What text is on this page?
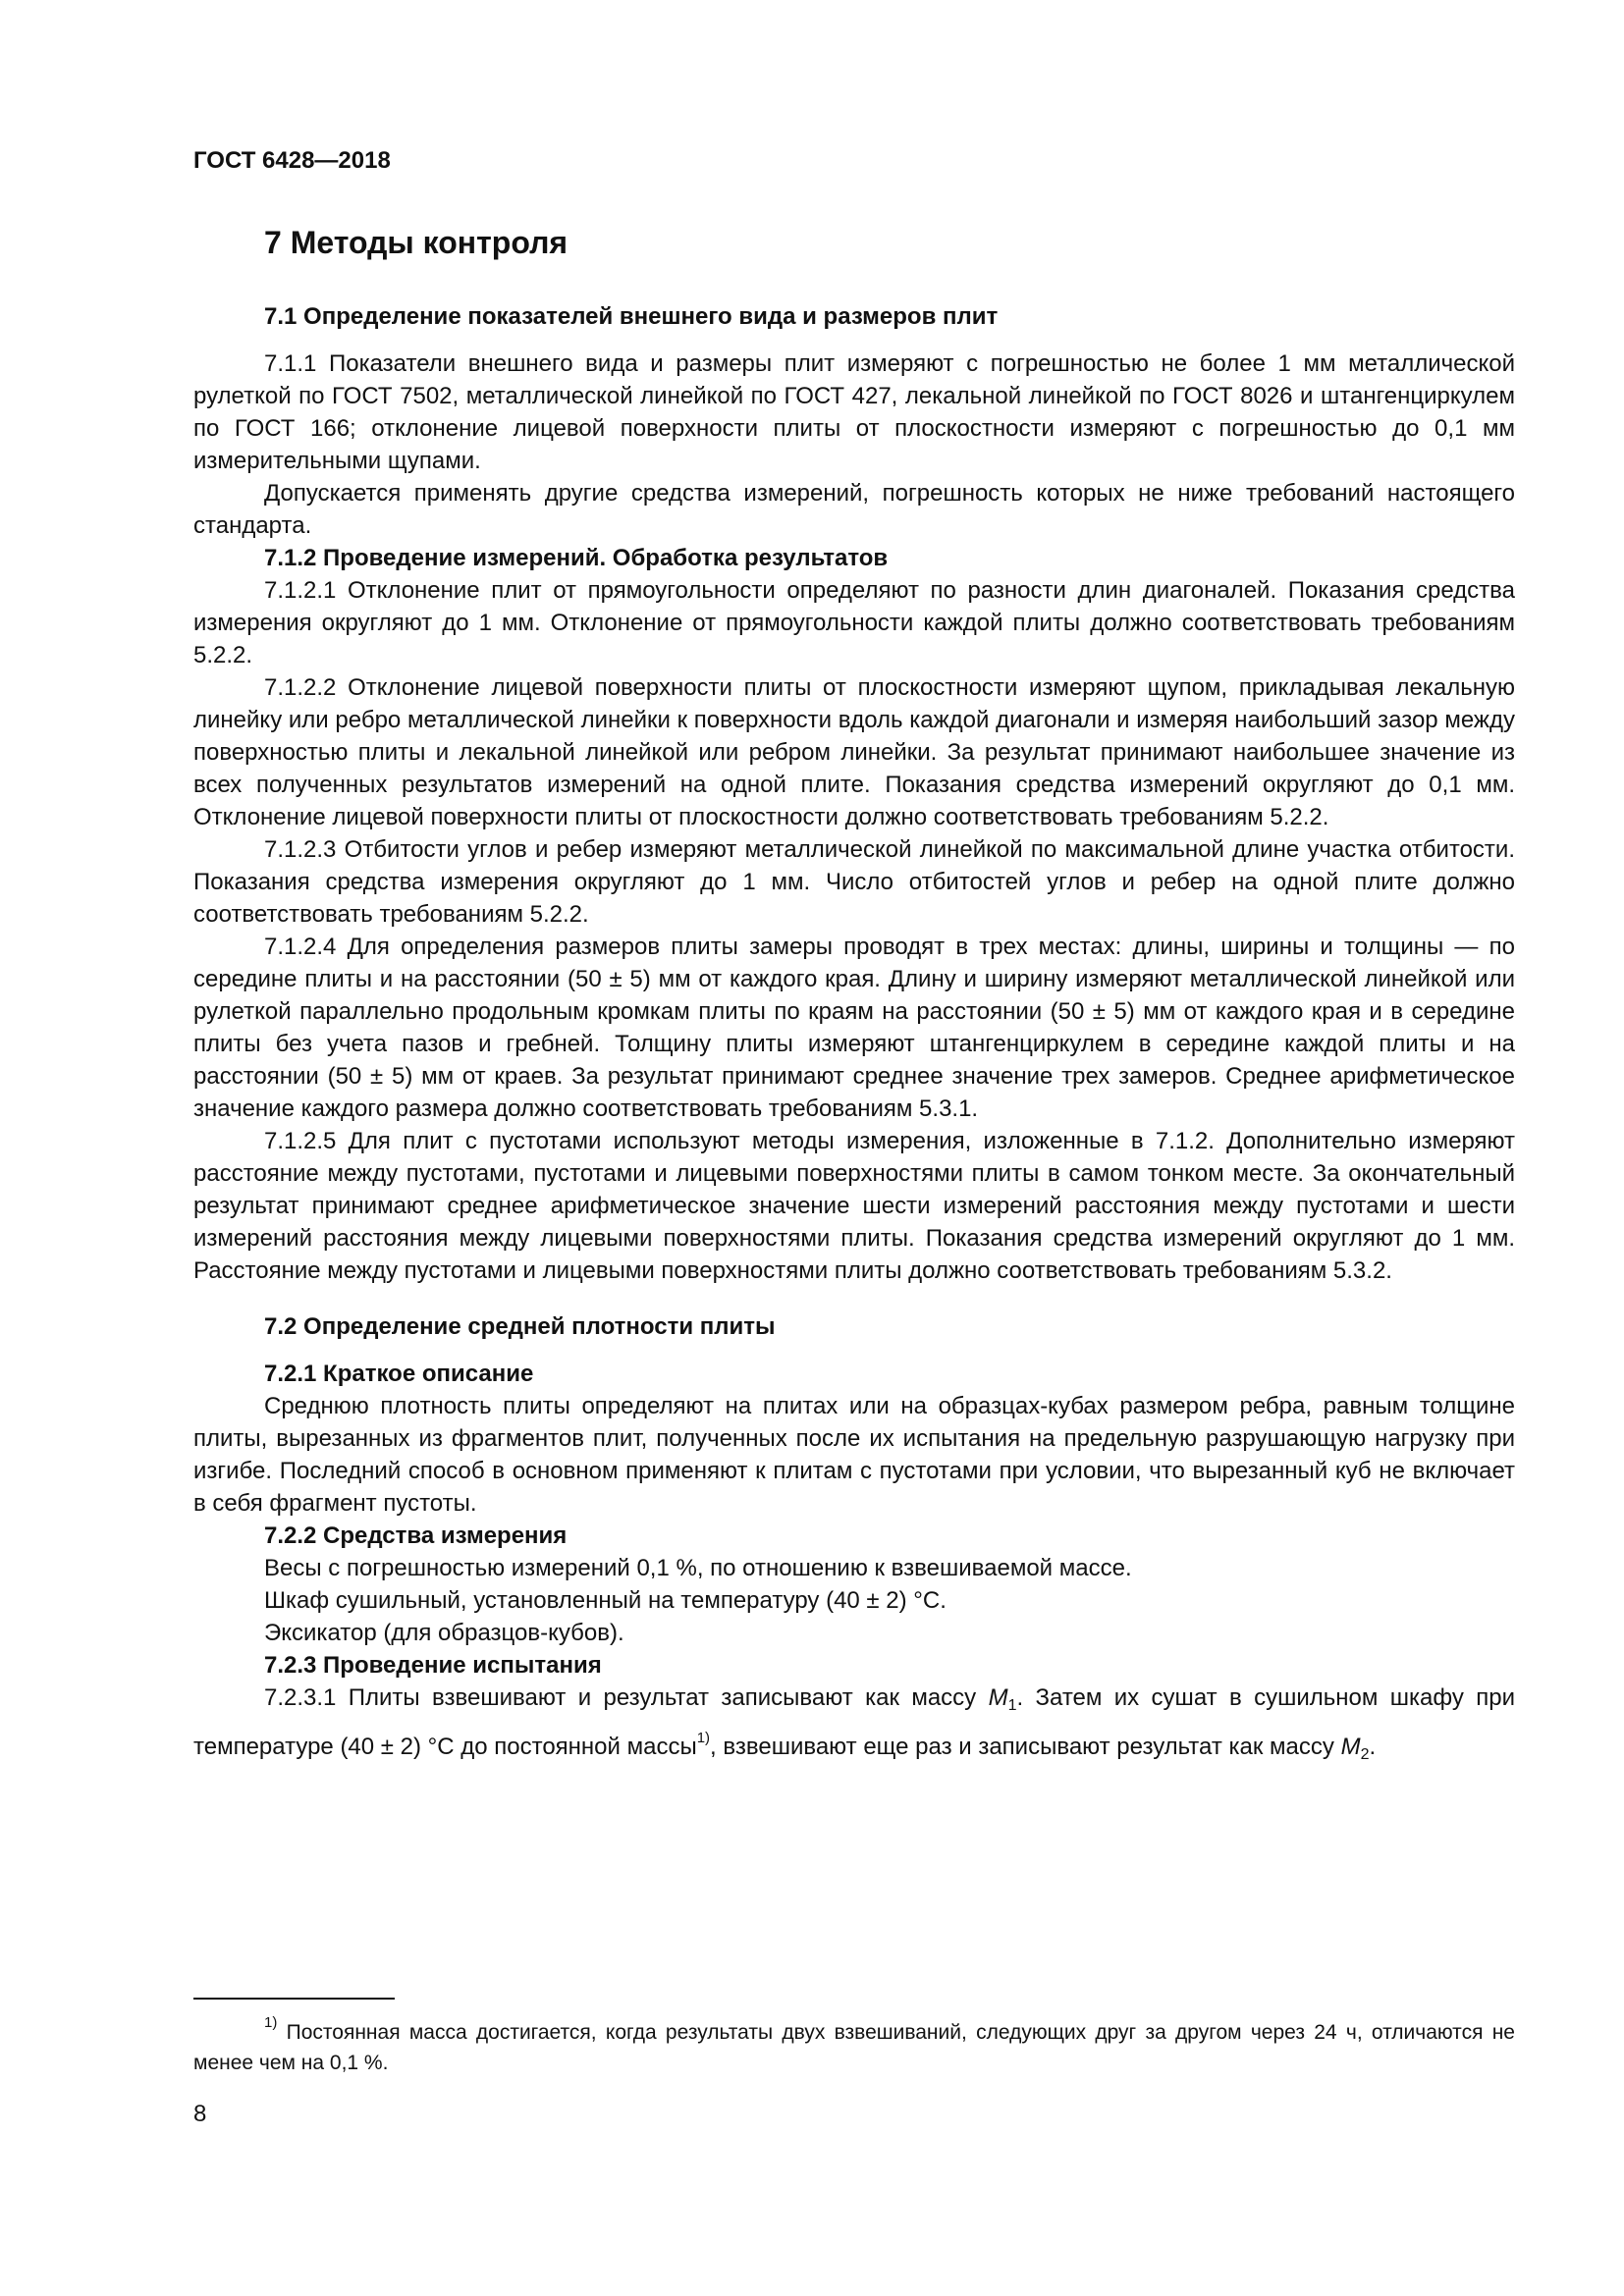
ГОСТ 6428—2018
7 Методы контроля
7.1 Определение показателей внешнего вида и размеров плит

7.1.1 Показатели внешнего вида и размеры плит измеряют с погрешностью не более 1 мм металлической рулеткой по ГОСТ 7502, металлической линейкой по ГОСТ 427, лекальной линейкой по ГОСТ 8026 и штангенциркулем по ГОСТ 166; отклонение лицевой поверхности плиты от плоскостности измеряют с погрешностью до 0,1 мм измерительными щупами.

Допускается применять другие средства измерений, погрешность которых не ниже требований настоящего стандарта.

7.1.2 Проведение измерений. Обработка результатов

7.1.2.1 Отклонение плит от прямоугольности определяют по разности длин диагоналей. Показания средства измерения округляют до 1 мм. Отклонение от прямоугольности каждой плиты должно соответствовать требованиям 5.2.2.

7.1.2.2 Отклонение лицевой поверхности плиты от плоскостности измеряют щупом, прикладывая лекальную линейку или ребро металлической линейки к поверхности вдоль каждой диагонали и измеряя наибольший зазор между поверхностью плиты и лекальной линейкой или ребром линейки. За результат принимают наибольшее значение из всех полученных результатов измерений на одной плите. Показания средства измерений округляют до 0,1 мм. Отклонение лицевой поверхности плиты от плоскостности должно соответствовать требованиям 5.2.2.

7.1.2.3 Отбитости углов и ребер измеряют металлической линейкой по максимальной длине участка отбитости. Показания средства измерения округляют до 1 мм. Число отбитостей углов и ребер на одной плите должно соответствовать требованиям 5.2.2.

7.1.2.4 Для определения размеров плиты замеры проводят в трех местах: длины, ширины и толщины — по середине плиты и на расстоянии (50 ± 5) мм от каждого края. Длину и ширину измеряют металлической линейкой или рулеткой параллельно продольным кромкам плиты по краям на расстоянии (50 ± 5) мм от каждого края и в середине плиты без учета пазов и гребней. Толщину плиты измеряют штангенциркулем в середине каждой плиты и на расстоянии (50 ± 5) мм от краев. За результат принимают среднее значение трех замеров. Среднее арифметическое значение каждого размера должно соответствовать требованиям 5.3.1.

7.1.2.5 Для плит с пустотами используют методы измерения, изложенные в 7.1.2. Дополнительно измеряют расстояние между пустотами, пустотами и лицевыми поверхностями плиты в самом тонком месте. За окончательный результат принимают среднее арифметическое значение шести измерений расстояния между пустотами и шести измерений расстояния между лицевыми поверхностями плиты. Показания средства измерений округляют до 1 мм. Расстояние между пустотами и лицевыми поверхностями плиты должно соответствовать требованиям 5.3.2.

7.2 Определение средней плотности плиты
7.2.1 Краткое описание

Среднюю плотность плиты определяют на плитах или на образцах-кубах размером ребра, равным толщине плиты, вырезанных из фрагментов плит, полученных после их испытания на предельную разрушающую нагрузку при изгибе. Последний способ в основном применяют к плитам с пустотами при условии, что вырезанный куб не включает в себя фрагмент пустоты.

7.2.2 Средства измерения

Весы с погрешностью измерений 0,1 %, по отношению к взвешиваемой массе.

Шкаф сушильный, установленный на температуру (40 ± 2) °С.

Эксикатор (для образцов-кубов).

7.2.3 Проведение испытания

7.2.3.1 Плиты взвешивают и результат записывают как массу $M_1$. Затем их сушат в сушильном шкафу при температуре (40 ± 2) °С до постоянной массы$^{1)}$, взвешивают еще раз и записывают результат как массу $M_2$.

$^{1)}$ Постоянная масса достигается, когда результаты двух взвешиваний, следующих друг за другом через 24 ч, отличаются не менее чем на 0,1 %.
8
